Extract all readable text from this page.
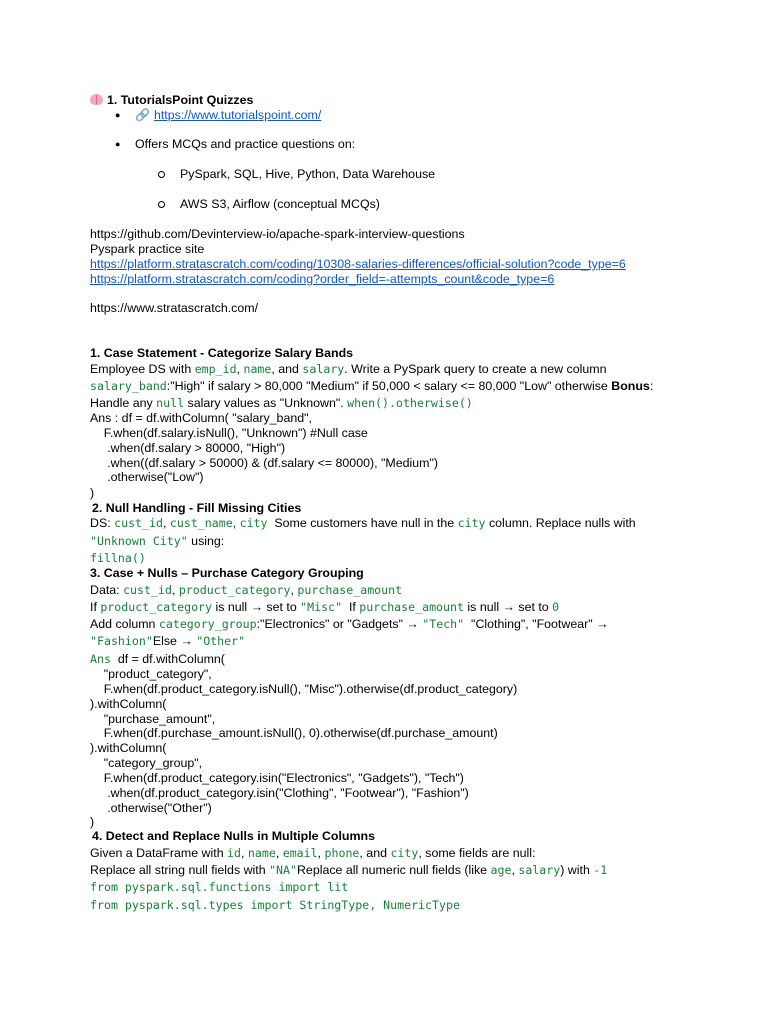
1. TutorialsPoint Quizzes
● 🔗 https://www.tutorialspoint.com/
● Offers MCQs and practice questions on:
PySpark, SQL, Hive, Python, Data Warehouse
AWS S3, Airflow (conceptual MCQs)
https://github.com/Devinterview-io/apache-spark-interview-questions
Pyspark practice site
https://platform.stratascratch.com/coding/10308-salaries-differences/official-solution?code_type=6
https://platform.stratascratch.com/coding?order_field=-attempts_count&code_type=6
https://www.stratascratch.com/
1. Case Statement - Categorize Salary Bands
Employee DS with emp_id, name, and salary. Write a PySpark query to create a new column
salary_band:"High" if salary > 80,000 "Medium" if 50,000 < salary <= 80,000 "Low" otherwise Bonus:
Handle any null salary values as "Unknown". when().otherwise()
Ans : df = df.withColumn( "salary_band",
F.when(df.salary.isNull(), "Unknown") #Null case
.when(df.salary > 80000, "High")
.when((df.salary > 50000) & (df.salary <= 80000), "Medium")
.otherwise("Low")
)
2. Null Handling - Fill Missing Cities
DS: cust_id, cust_name, city  Some customers have null in the city column. Replace nulls with
"Unknown City" using:
fillna()
3. Case + Nulls – Purchase Category Grouping
Data: cust_id, product_category, purchase_amount
If product_category is null → set to "Misc"  If purchase_amount is null → set to 0
Add column category_group:"Electronics" or "Gadgets" → "Tech"  "Clothing", "Footwear" →
"Fashion"Else → "Other"
Ans  df = df.withColumn(
"product_category",
F.when(df.product_category.isNull(), "Misc").otherwise(df.product_category)
).withColumn(
"purchase_amount",
F.when(df.purchase_amount.isNull(), 0).otherwise(df.purchase_amount)
).withColumn(
"category_group",
F.when(df.product_category.isin("Electronics", "Gadgets"), "Tech")
.when(df.product_category.isin("Clothing", "Footwear"), "Fashion")
.otherwise("Other")
)
4. Detect and Replace Nulls in Multiple Columns
Given a DataFrame with id, name, email, phone, and city, some fields are null:
Replace all string null fields with "NA"Replace all numeric null fields (like age, salary) with -1
from pyspark.sql.functions import lit
from pyspark.sql.types import StringType, NumericType
